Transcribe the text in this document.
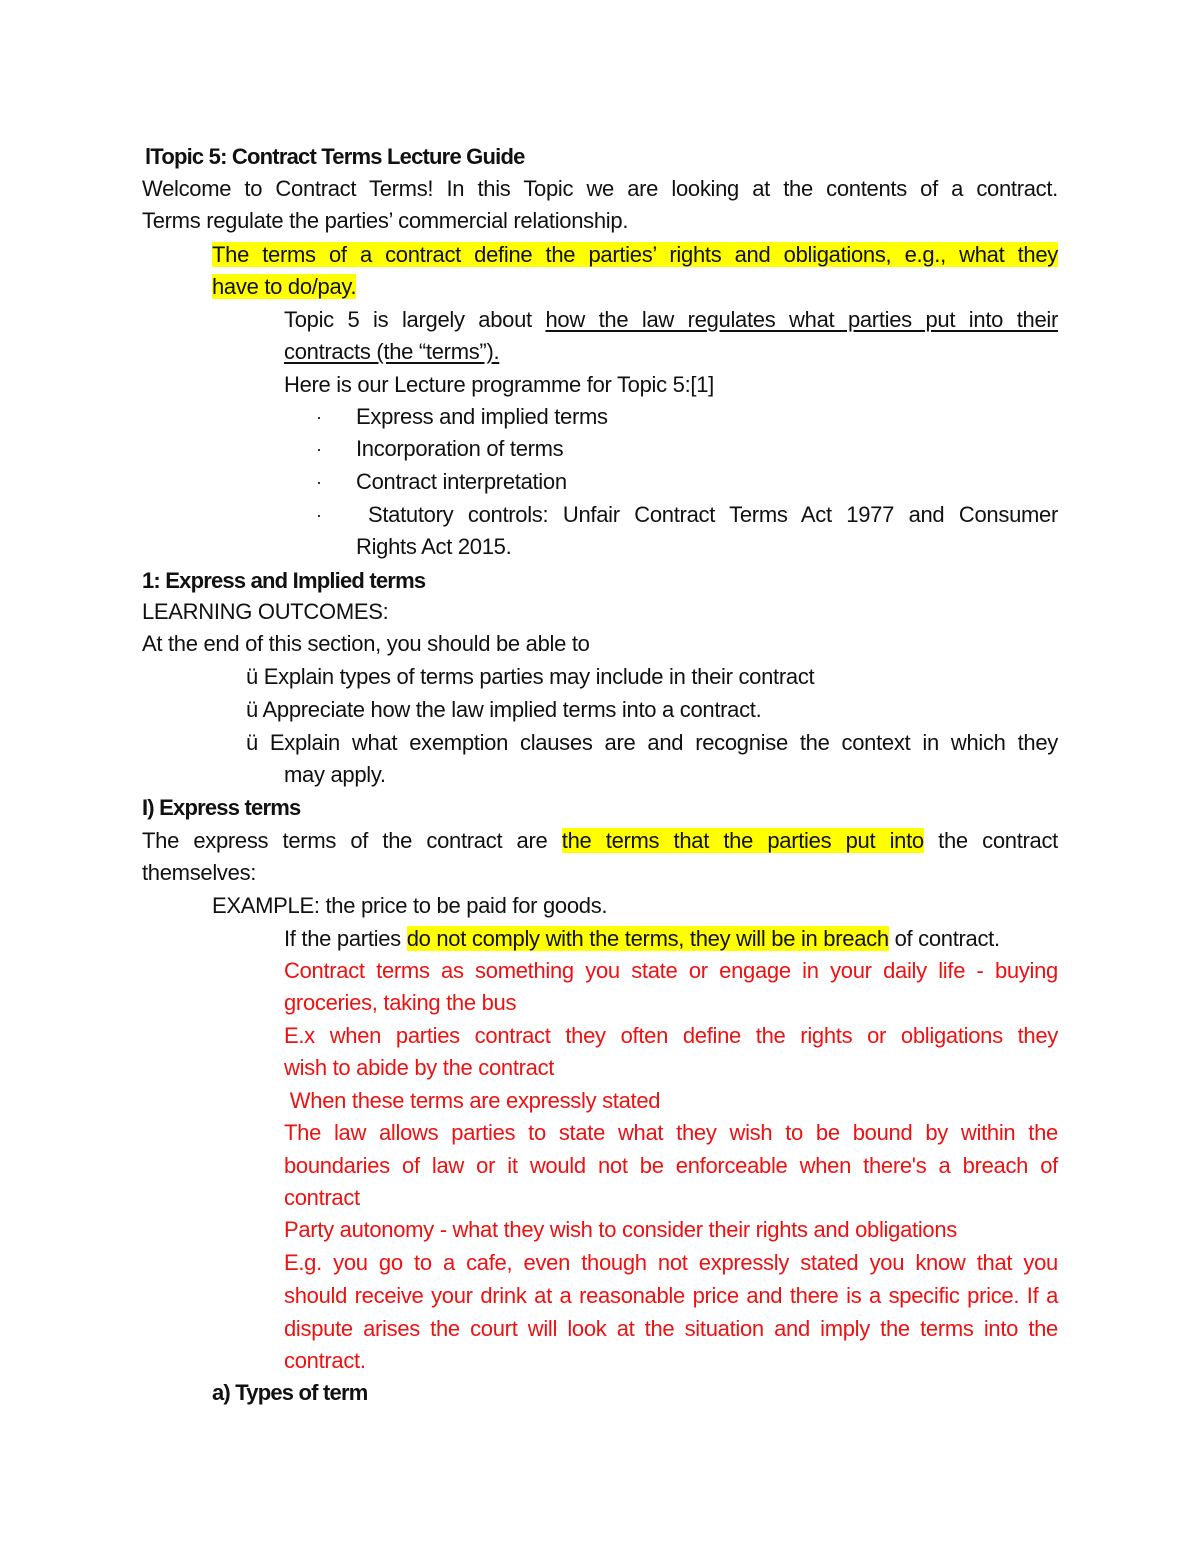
lTopic 5: Contract Terms Lecture Guide
Welcome to Contract Terms! In this Topic we are looking at the contents of a contract.
Terms regulate the parties’ commercial relationship.
The terms of a contract define the parties’ rights and obligations, e.g., what they
have to do/pay.
Topic 5 is largely about how the law regulates what parties put into their
contracts (the “terms”).
Here is our Lecture programme for Topic 5:[1]
· Express and implied terms
· Incorporation of terms
· Contract interpretation
· Statutory controls: Unfair Contract Terms Act 1977 and Consumer
Rights Act 2015.
1: Express and Implied terms
LEARNING OUTCOMES:
At the end of this section, you should be able to
ü Explain types of terms parties may include in their contract
ü Appreciate how the law implied terms into a contract.
ü Explain what exemption clauses are and recognise the context in which they
may apply.
I) Express terms
The express terms of the contract are the terms that the parties put into the contract
themselves:
EXAMPLE: the price to be paid for goods.
If the parties do not comply with the terms, they will be in breach of contract.
Contract terms as something you state or engage in your daily life - buying
groceries, taking the bus
E.x when parties contract they often define the rights or obligations they
wish to abide by the contract
When these terms are expressly stated
The law allows parties to state what they wish to be bound by within the
boundaries of law or it would not be enforceable when there's a breach of
contract
Party autonomy - what they wish to consider their rights and obligations
E.g. you go to a cafe, even though not expressly stated you know that you
should receive your drink at a reasonable price and there is a specific price. If a
dispute arises the court will look at the situation and imply the terms into the
contract.
a) Types of term
